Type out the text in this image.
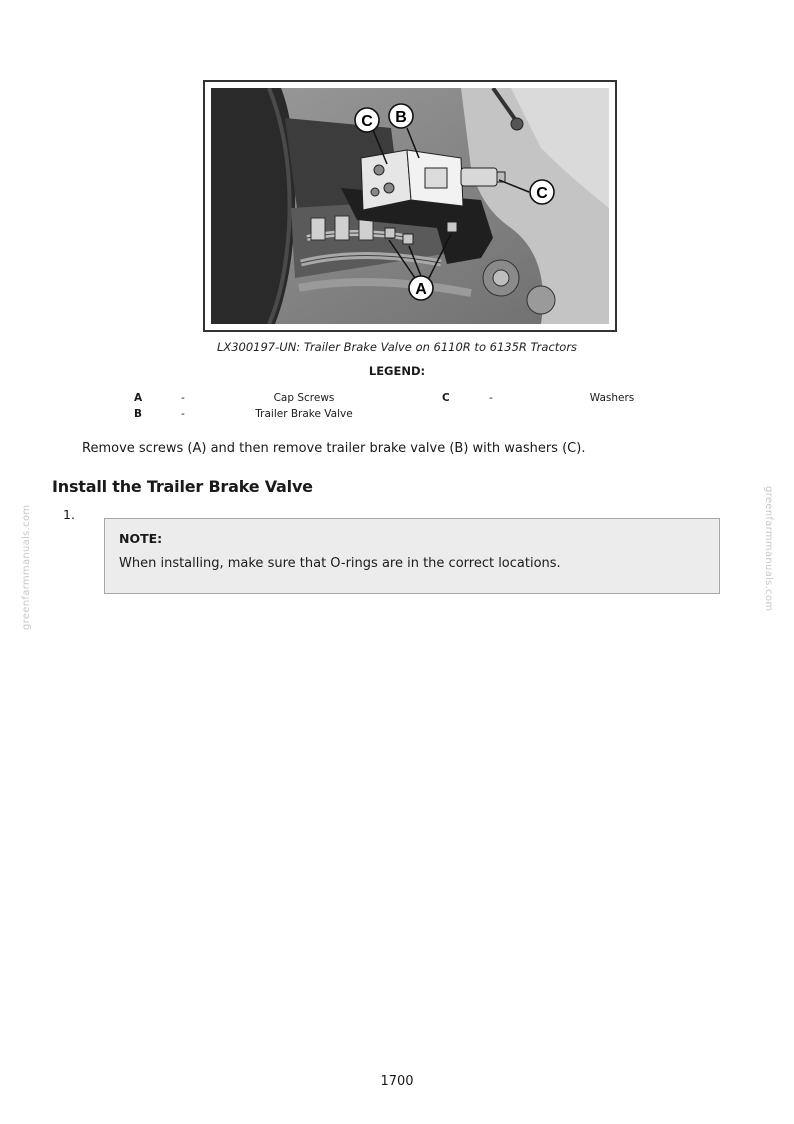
C B
C
A
LX300197-UN: Trailer Brake Valve on 6110R to 6135R Tractors
LEGEND:
A	-	Cap Screws
B	-	Trailer Brake Valve
C	-	Washers
Remove screws (A) and then remove trailer brake valve (B) with washers (C).
Install the Trailer Brake Valve
1.
NOTE:
When installing, make sure that O-rings are in the correct locations.
greenfarmmanuals.com	greenfarmmanuals.com
1700
